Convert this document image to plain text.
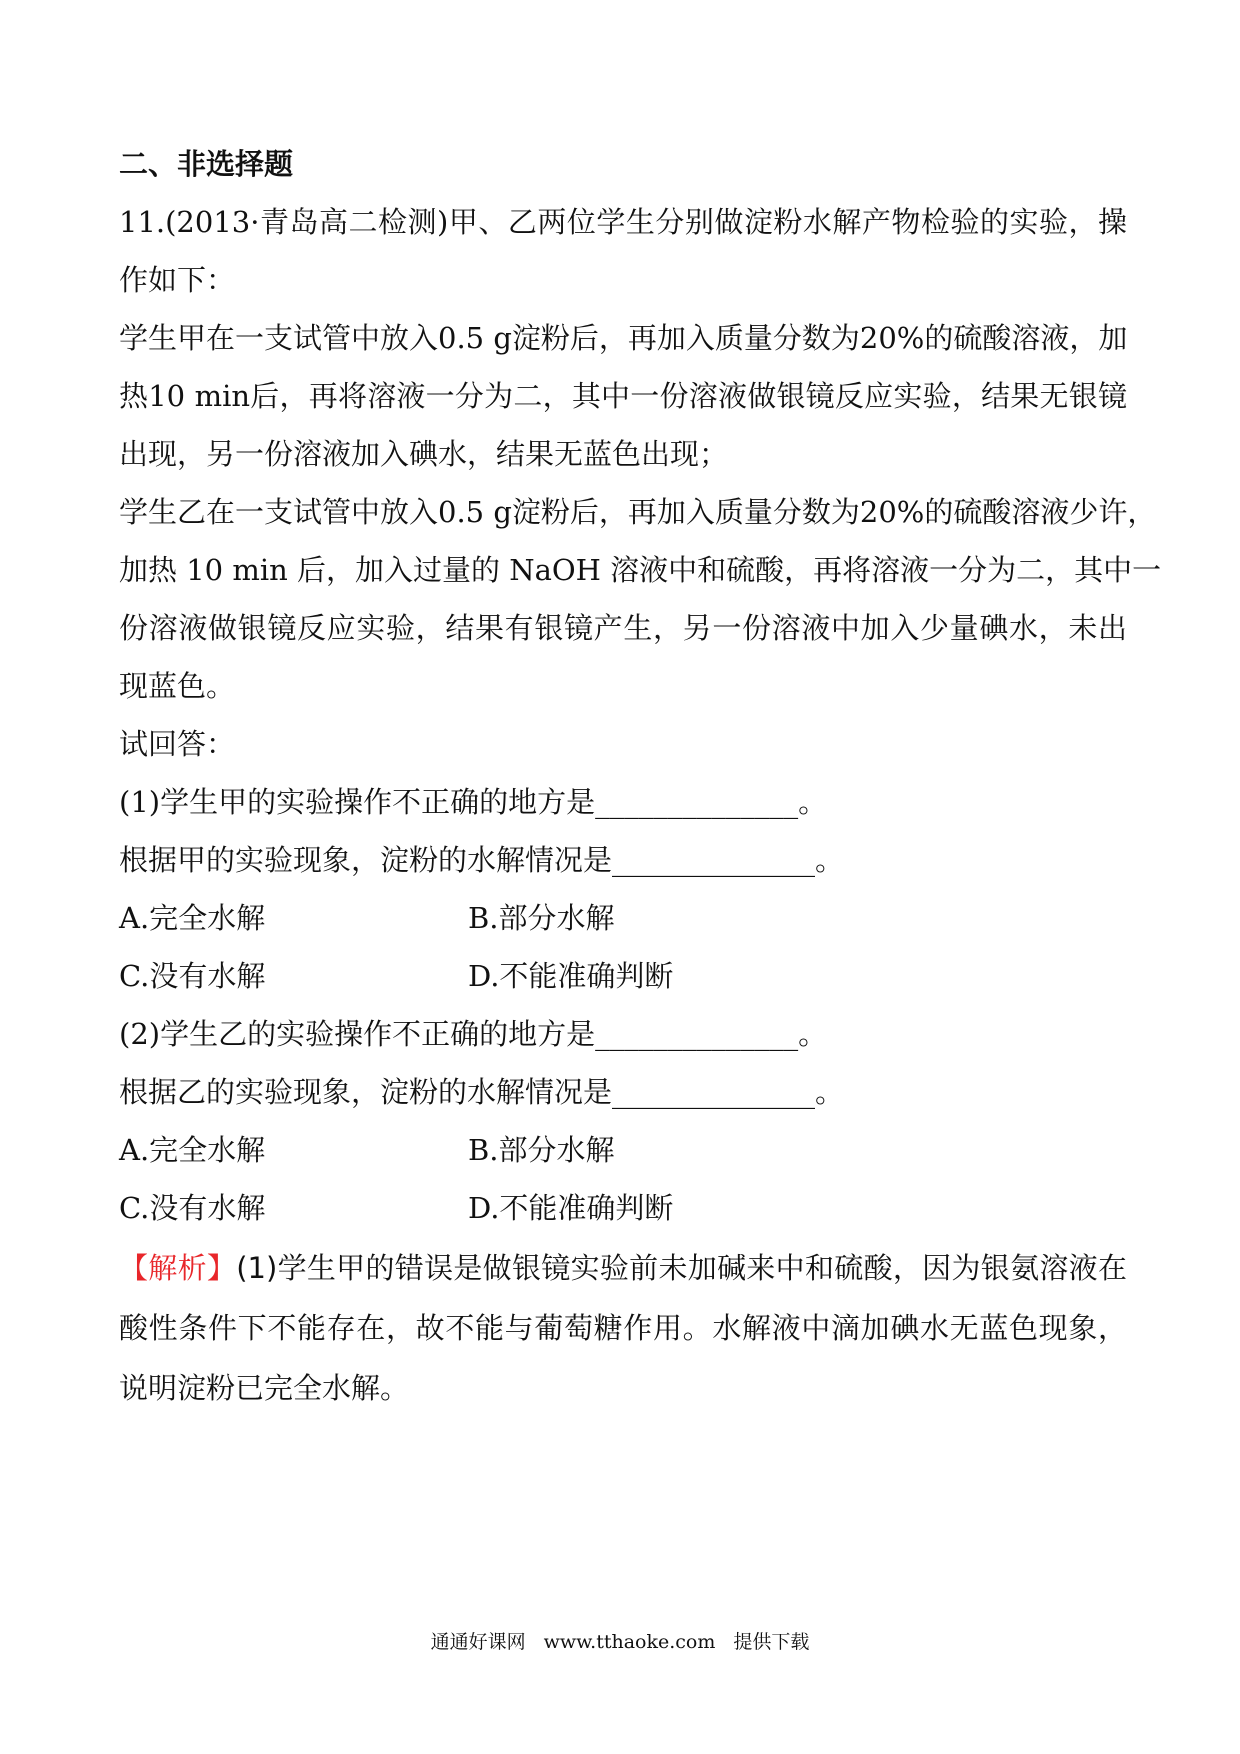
二、非选择题
11.(2013·青岛高二检测)甲、乙两位学生分别做淀粉水解产物检验的实验，操
作如下：
学生甲在一支试管中放入0.5 g淀粉后，再加入质量分数为20%的硫酸溶液，加
热10 min后，再将溶液一分为二，其中一份溶液做银镜反应实验，结果无银镜
出现，另一份溶液加入碘水，结果无蓝色出现；
学生乙在一支试管中放入0.5 g淀粉后，再加入质量分数为20%的硫酸溶液少许，
加热 10 min 后，加入过量的 NaOH 溶液中和硫酸，再将溶液一分为二，其中一
份溶液做银镜反应实验，结果有银镜产生，另一份溶液中加入少量碘水，未出
现蓝色。
试回答：
(1)学生甲的实验操作不正确的地方是______________。
根据甲的实验现象，淀粉的水解情况是______________。
A.完全水解	B.部分水解
C.没有水解	D.不能准确判断
(2)学生乙的实验操作不正确的地方是______________。
根据乙的实验现象，淀粉的水解情况是______________。
A.完全水解	B.部分水解
C.没有水解	D.不能准确判断
【解析】(1)学生甲的错误是做银镜实验前未加碱来中和硫酸，因为银氨溶液在
酸性条件下不能存在，故不能与葡萄糖作用。水解液中滴加碘水无蓝色现象，
说明淀粉已完全水解。
通通好课网 www.tthaoke.com 提供下载
